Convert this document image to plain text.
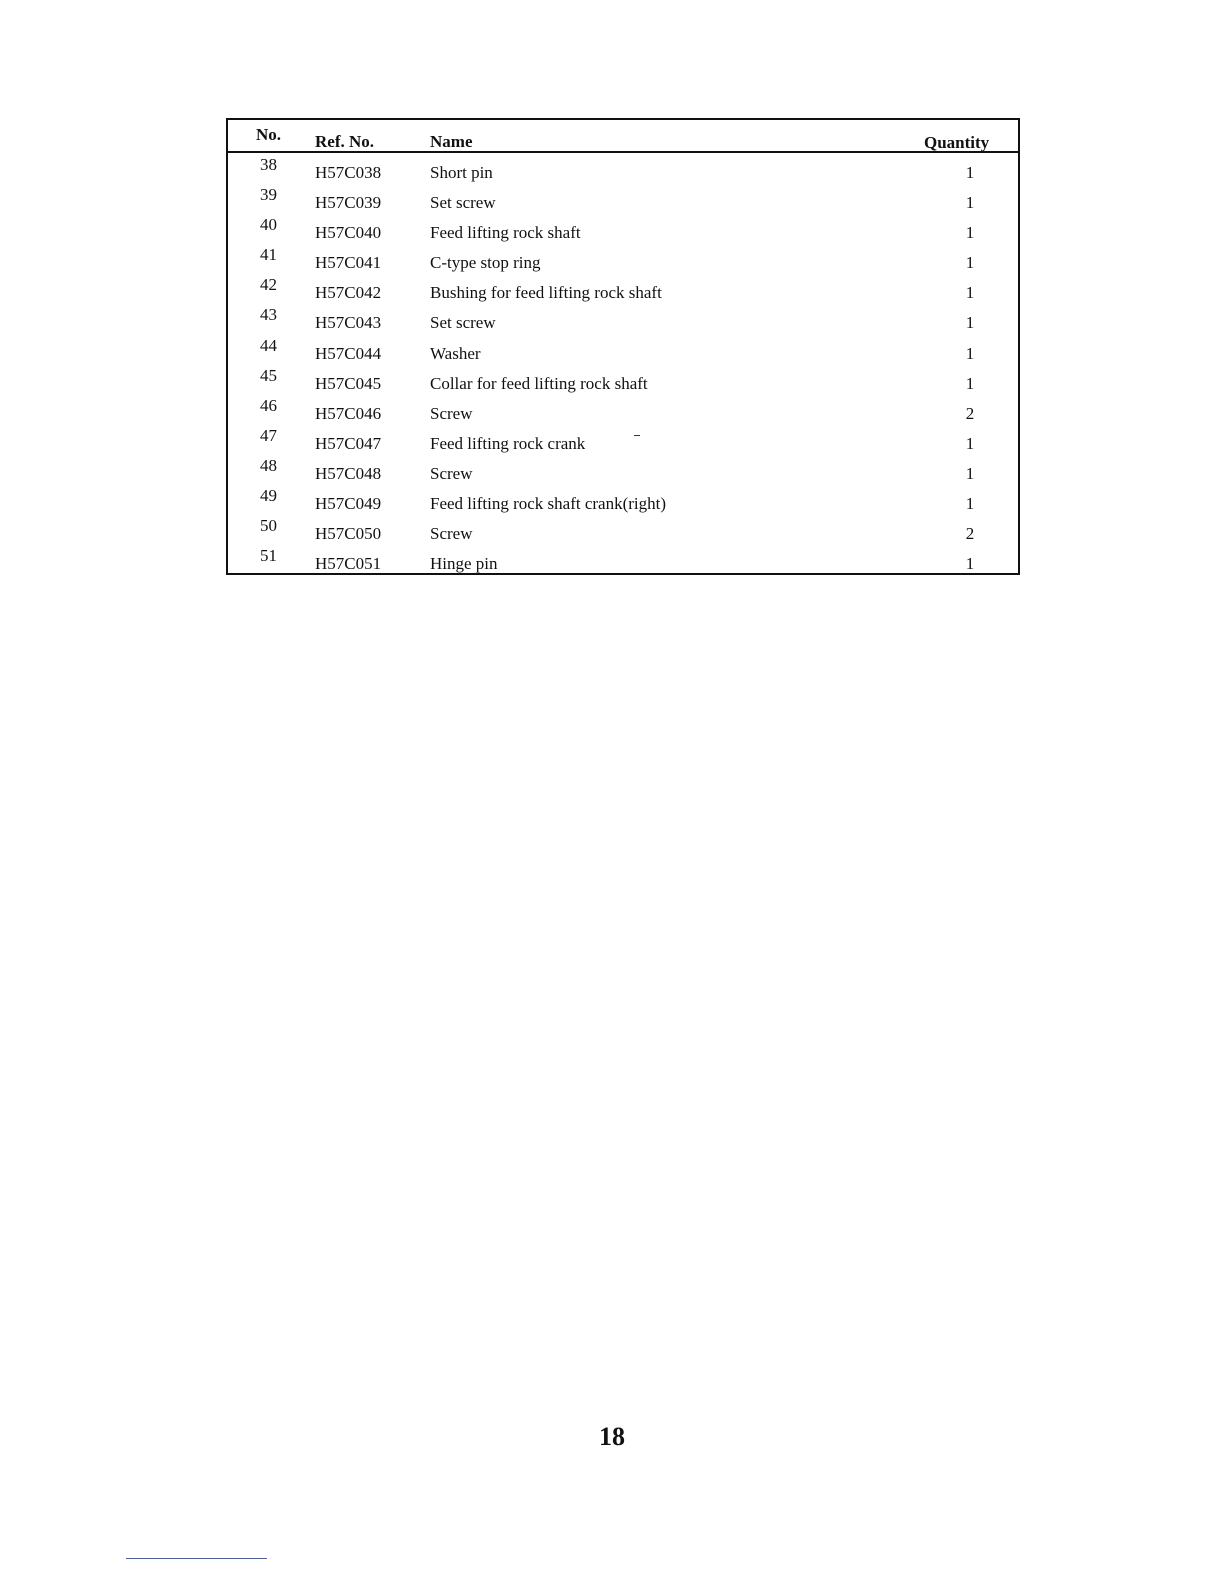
No. Ref. No.	Name	Quantity
38 H57C038	Short pin	1
39 H57C039	Set screw	1
40 H57C040	Feed lifting rock shaft	1
41 H57C041	C-type stop ring	1
42 H57C042	Bushing for feed lifting rock shaft	1
43 H57C043	Set screw	1
44 H57C044	Washer	1
45 H57C045	Collar for feed lifting rock shaft	1
46 H57C046	Screw	2
47 H57C047	Feed lifting rock crank	1
48 H57C048	Screw	1
49 H57C049	Feed lifting rock shaft crank(right)	1
50 H57C050	Screw	2
51 H57C051	Hinge pin	1
18
